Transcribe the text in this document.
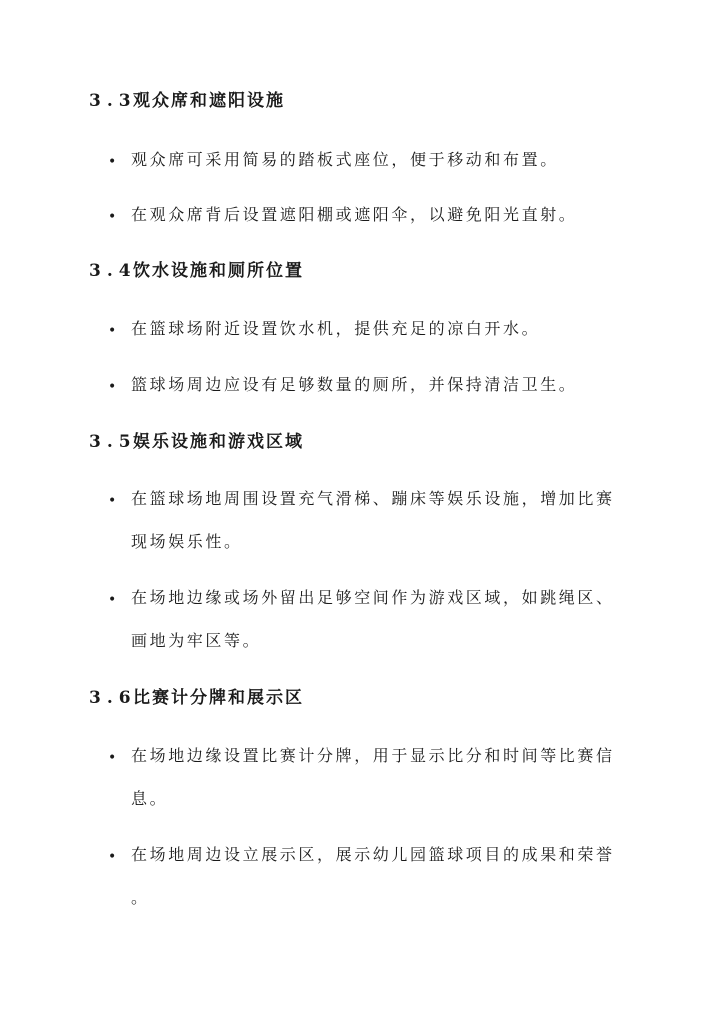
3.3观众席和遮阳设施
• 观众席可采用简易的踏板式座位，便于移动和布置。
• 在观众席背后设置遮阳棚或遮阳伞，以避免阳光直射。
3.4饮水设施和厕所位置
• 在篮球场附近设置饮水机，提供充足的凉白开水。
• 篮球场周边应设有足够数量的厕所，并保持清洁卫生。
3.5娱乐设施和游戏区域
• 在篮球场地周围设置充气滑梯、蹦床等娱乐设施，增加比赛
现场娱乐性。
• 在场地边缘或场外留出足够空间作为游戏区域，如跳绳区、
画地为牢区等。
3.6比赛计分牌和展示区
• 在场地边缘设置比赛计分牌，用于显示比分和时间等比赛信
息。
• 在场地周边设立展示区，展示幼儿园篮球项目的成果和荣誉
。
